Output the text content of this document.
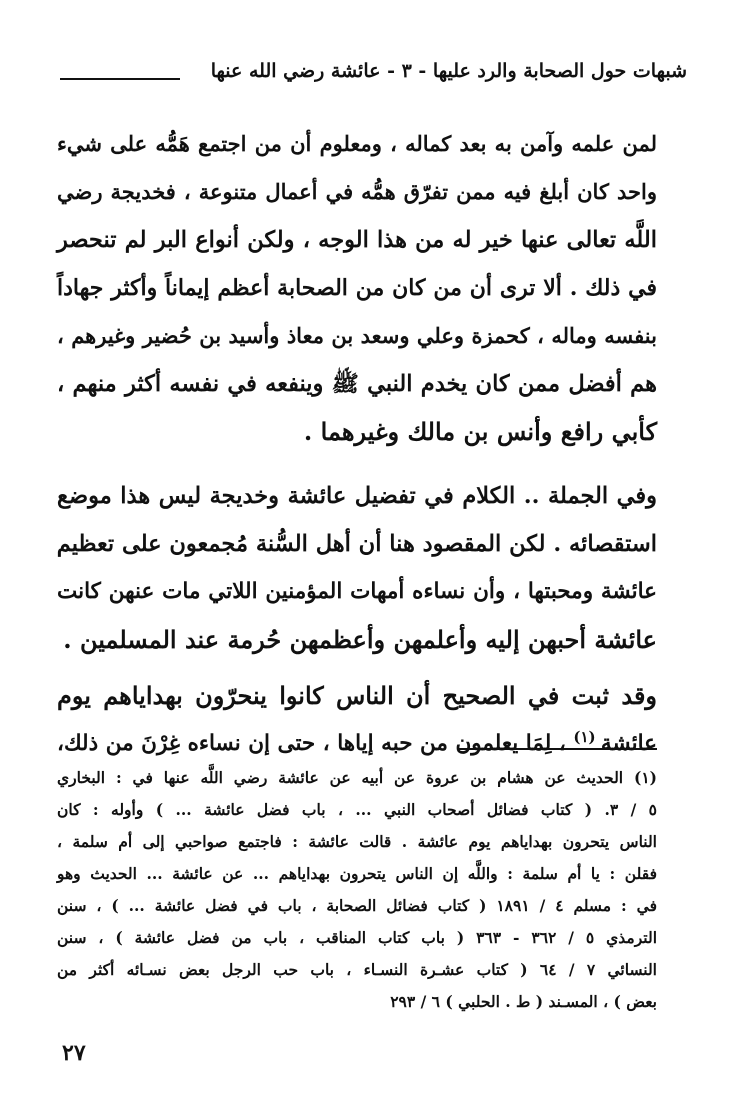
شبهات حول الصحابة والرد عليها - ٣ - عائشة رضي الله عنها
لمن علمه وآمن به بعد كماله ، ومعلوم أن من اجتمع هَمُّه على شيء
واحد كان أبلغ فيه ممن تفرّق همُّه في أعمال متنوعة ، فخديجة رضي
اللَّه تعالى عنها خير له من هذا الوجه ، ولكن أنواع البر لم تنحصر
في ذلك . ألا ترى أن من كان من الصحابة أعظم إيماناً وأكثر جهاداً
بنفسه وماله ، كحمزة وعلي وسعد بن معاذ وأسيد بن حُضير وغيرهم ،
هم أفضل ممن كان يخدم النبي ﷺ وينفعه في نفسه أكثر منهم ،
كأبي رافع وأنس بن مالك وغيرهما .
وفي الجملة .. الكلام في تفضيل عائشة وخديجة ليس هذا موضع
استقصائه . لكن المقصود هنا أن أهل السُّنة مُجمعون على تعظيم
عائشة ومحبتها ، وأن نساءه أمهات المؤمنين اللاتي مات عنهن كانت
عائشة أحبهن إليه وأعلمهن وأعظمهن حُرمة عند المسلمين .
وقد ثبت في الصحيح أن الناس كانوا ينحرّون بهداياهم يوم
عائشة $^{(١)}$ ، لِمَا يعلمون من حبه إياها ، حتى إن نساءه غِرْنَ من ذلك،
(١) الحديث عن هشام بن عروة عن أبيه عن عائشة رضي اللَّه عنها في : البخاري
٥ / ٣. ( كتاب فضائل أصحاب النبي ... ، باب فضل عائشة ... ) وأوله : كان
الناس يتحرون بهداياهم يوم عائشة . قالت عائشة : فاجتمع صواحبي إلى أم سلمة ،
فقلن : يا أم سلمة : واللَّه إن الناس يتحرون بهداياهم ... عن عائشة ... الحديث وهو
في : مسلم ٤ / ١٨٩١ ( كتاب فضائل الصحابة ، باب في فضل عائشة ... ) ، سنن
الترمذي ٥ / ٣٦٢ - ٣٦٣ ( باب كتاب المناقب ، باب من فضل عائشة ) ، سنن
النسائي ٧ / ٦٤ ( كتاب عشـرة النسـاء ، باب حب الرجل بعض نسـائه أكثر من
بعض ) ، المسـند ( ط . الحلبي ) ٦ / ٢٩٣
٢٧
